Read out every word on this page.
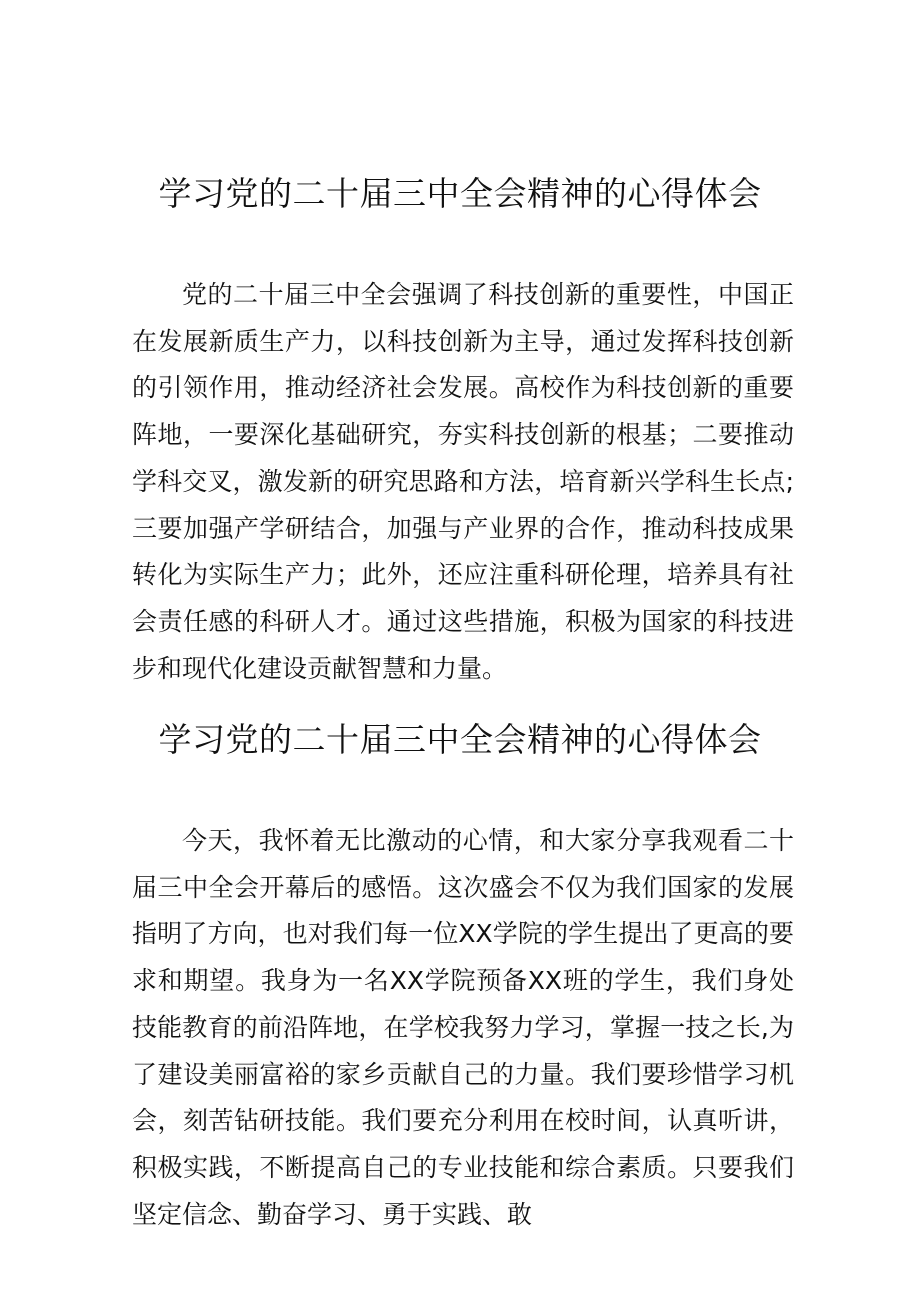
学习党的二十届三中全会精神的心得体会

党的二十届三中全会强调了科技创新的重要性，中国正在发展新质生产力，以科技创新为主导，通过发挥科技创新的引领作用，推动经济社会发展。高校作为科技创新的重要阵地，一要深化基础研究，夯实科技创新的根基；二要推动学科交叉，激发新的研究思路和方法，培育新兴学科生长点;三要加强产学研结合，加强与产业界的合作，推动科技成果转化为实际生产力；此外，还应注重科研伦理，培养具有社会责任感的科研人才。通过这些措施，积极为国家的科技进步和现代化建设贡献智慧和力量。

学习党的二十届三中全会精神的心得体会

今天，我怀着无比激动的心情，和大家分享我观看二十届三中全会开幕后的感悟。这次盛会不仅为我们国家的发展指明了方向，也对我们每一位XX学院的学生提出了更高的要求和期望。我身为一名XX学院预备XX班的学生，我们身处技能教育的前沿阵地，在学校我努力学习，掌握一技之长,为了建设美丽富裕的家乡贡献自己的力量。我们要珍惜学习机会，刻苦钻研技能。我们要充分利用在校时间，认真听讲，积极实践，不断提高自己的专业技能和综合素质。只要我们坚定信念、勤奋学习、勇于实践、敢
